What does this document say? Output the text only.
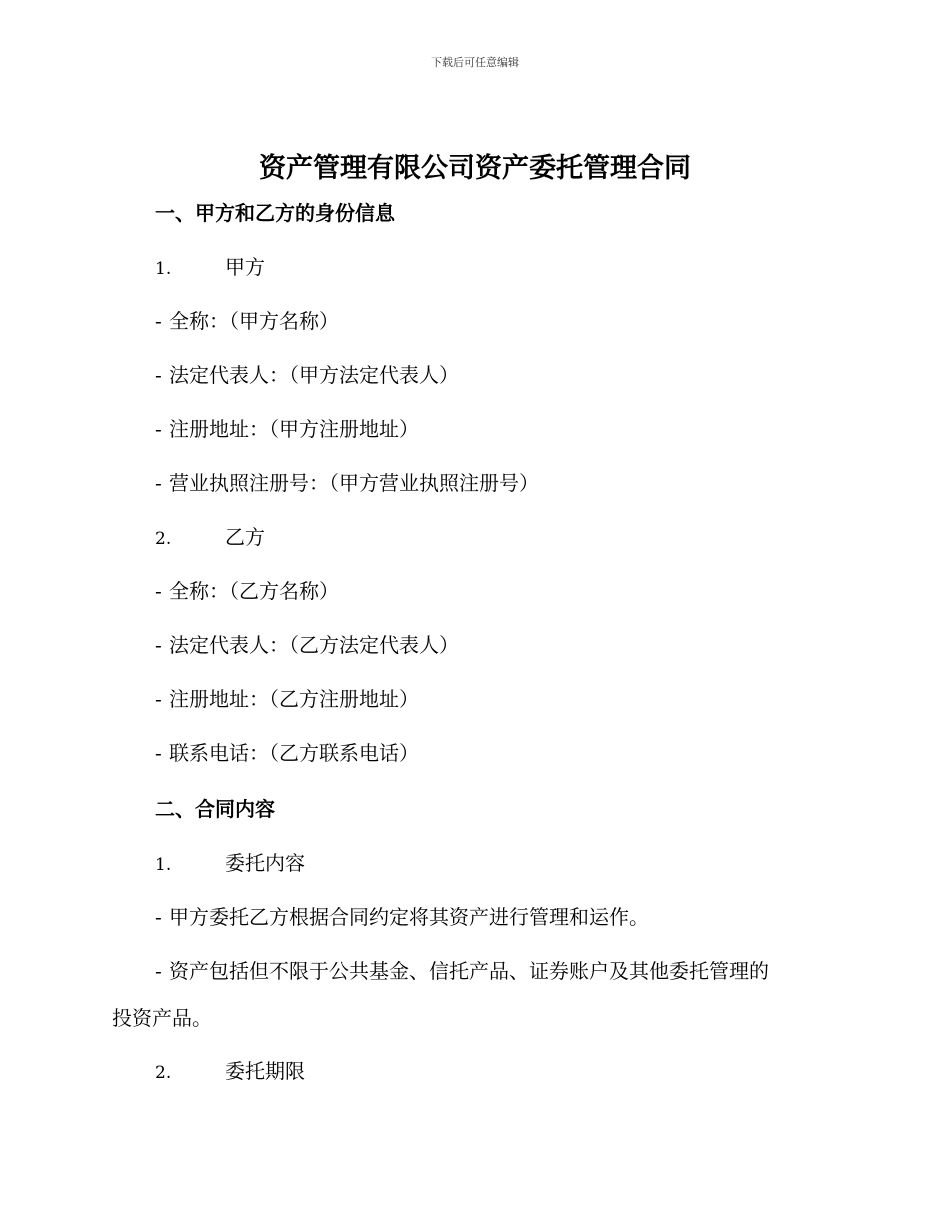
下载后可任意编辑
资产管理有限公司资产委托管理合同
一、甲方和乙方的身份信息
1.	甲方
- 全称：（甲方名称）
- 法定代表人：（甲方法定代表人）
- 注册地址：（甲方注册地址）
- 营业执照注册号：（甲方营业执照注册号）
2.	乙方
- 全称：（乙方名称）
- 法定代表人：（乙方法定代表人）
- 注册地址：（乙方注册地址）
- 联系电话：（乙方联系电话）
二、合同内容
1.	委托内容
- 甲方委托乙方根据合同约定将其资产进行管理和运作。
- 资产包括但不限于公共基金、信托产品、证券账户及其他委托管理的
投资产品。
2.	委托期限
